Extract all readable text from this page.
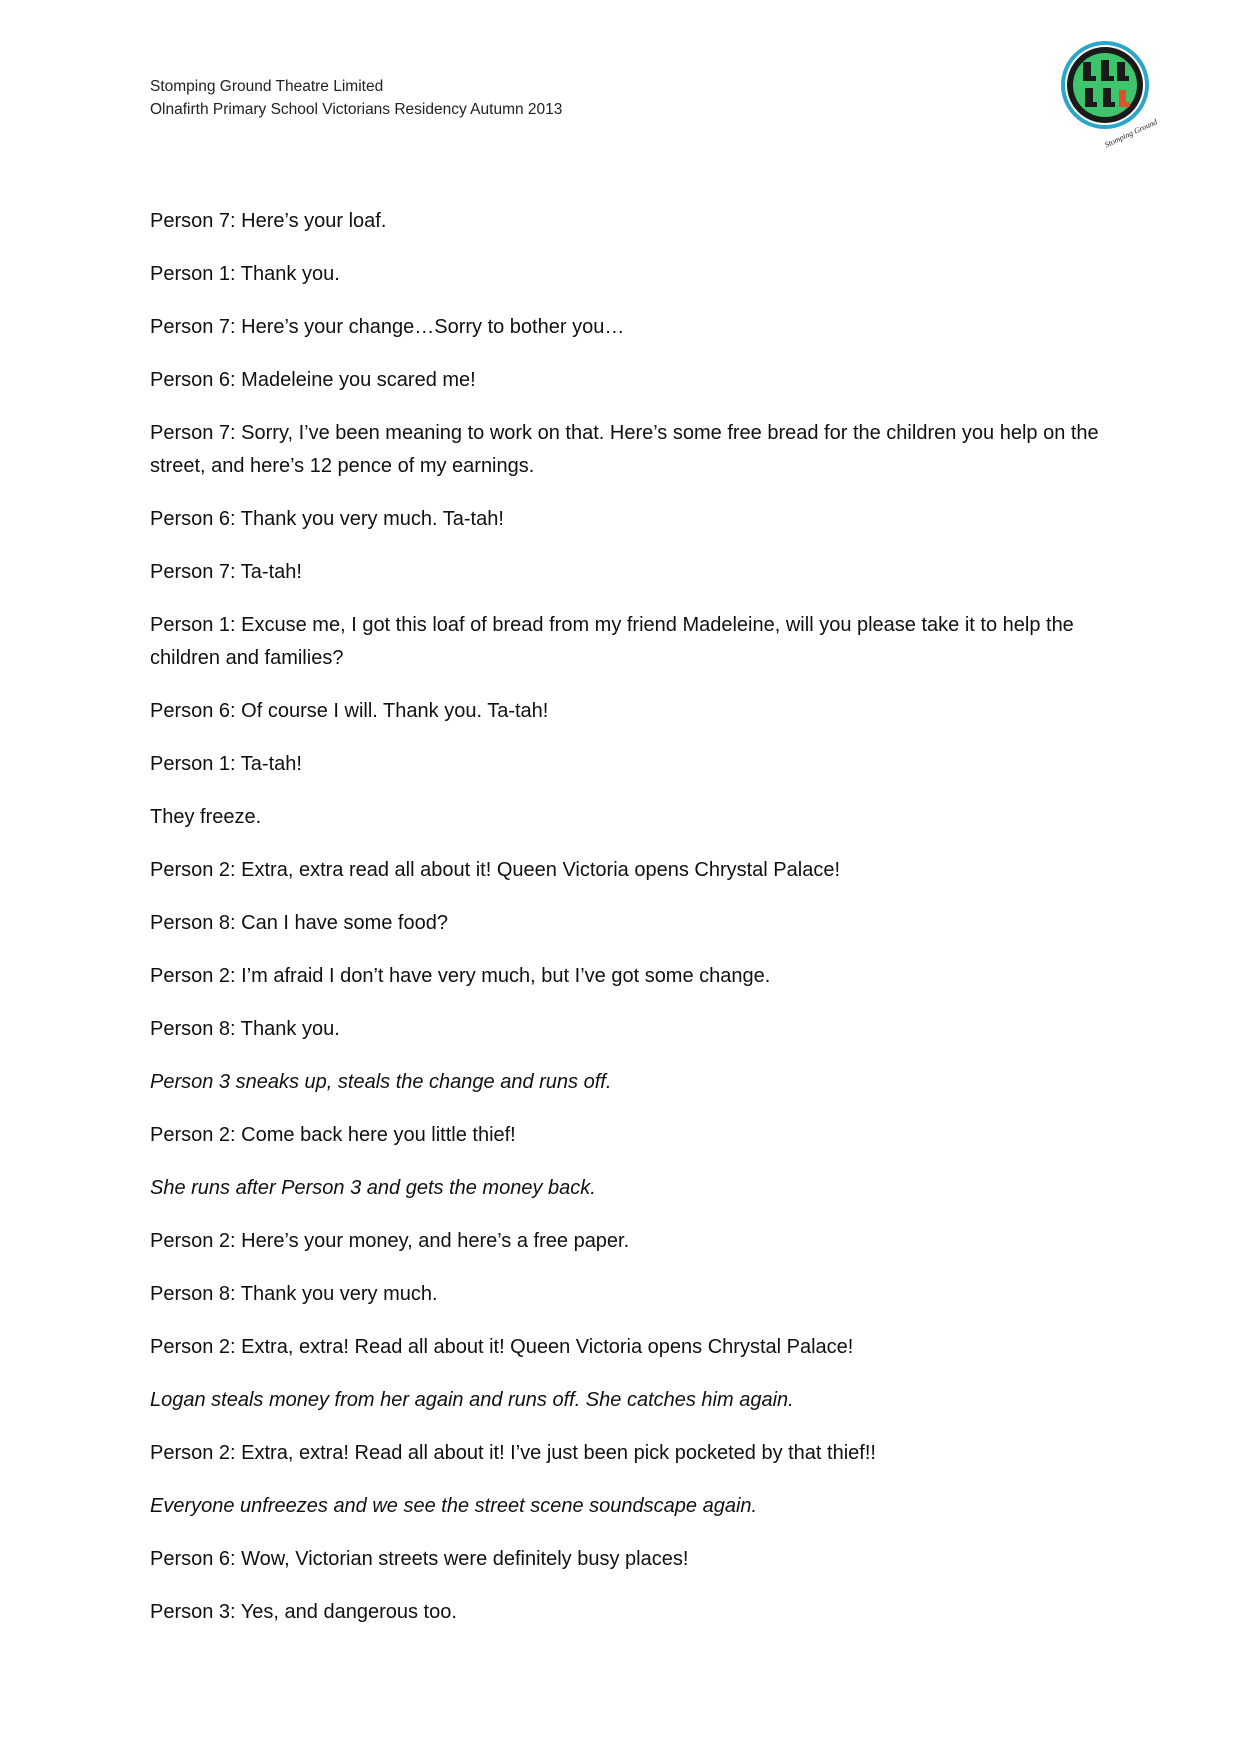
Stomping Ground Theatre Limited
Olnafirth Primary School Victorians Residency Autumn 2013
Stomping Ground

Person 7: Here’s your loaf.

Person 1: Thank you.

Person 7: Here’s your change…Sorry to bother you…

Person 6: Madeleine you scared me!

Person 7: Sorry, I’ve been meaning to work on that. Here’s some free bread for the children you help on the street, and here’s 12 pence of my earnings.

Person 6: Thank you very much. Ta-tah!

Person 7: Ta-tah!

Person 1: Excuse me, I got this loaf of bread from my friend Madeleine, will you please take it to help the children and families?

Person 6: Of course I will. Thank you. Ta-tah!

Person 1: Ta-tah!

They freeze.

Person 2: Extra, extra read all about it! Queen Victoria opens Chrystal Palace!

Person 8: Can I have some food?

Person 2: I’m afraid I don’t have very much, but I’ve got some change.

Person 8: Thank you.

Person 3 sneaks up, steals the change and runs off.

Person 2: Come back here you little thief!

She runs after Person 3 and gets the money back.

Person 2: Here’s your money, and here’s a free paper.

Person 8: Thank you very much.

Person 2: Extra, extra! Read all about it! Queen Victoria opens Chrystal Palace!

Logan steals money from her again and runs off. She catches him again.

Person 2: Extra, extra! Read all about it! I’ve just been pick pocketed by that thief!!

Everyone unfreezes and we see the street scene soundscape again.

Person 6: Wow, Victorian streets were definitely busy places!

Person 3: Yes, and dangerous too.
